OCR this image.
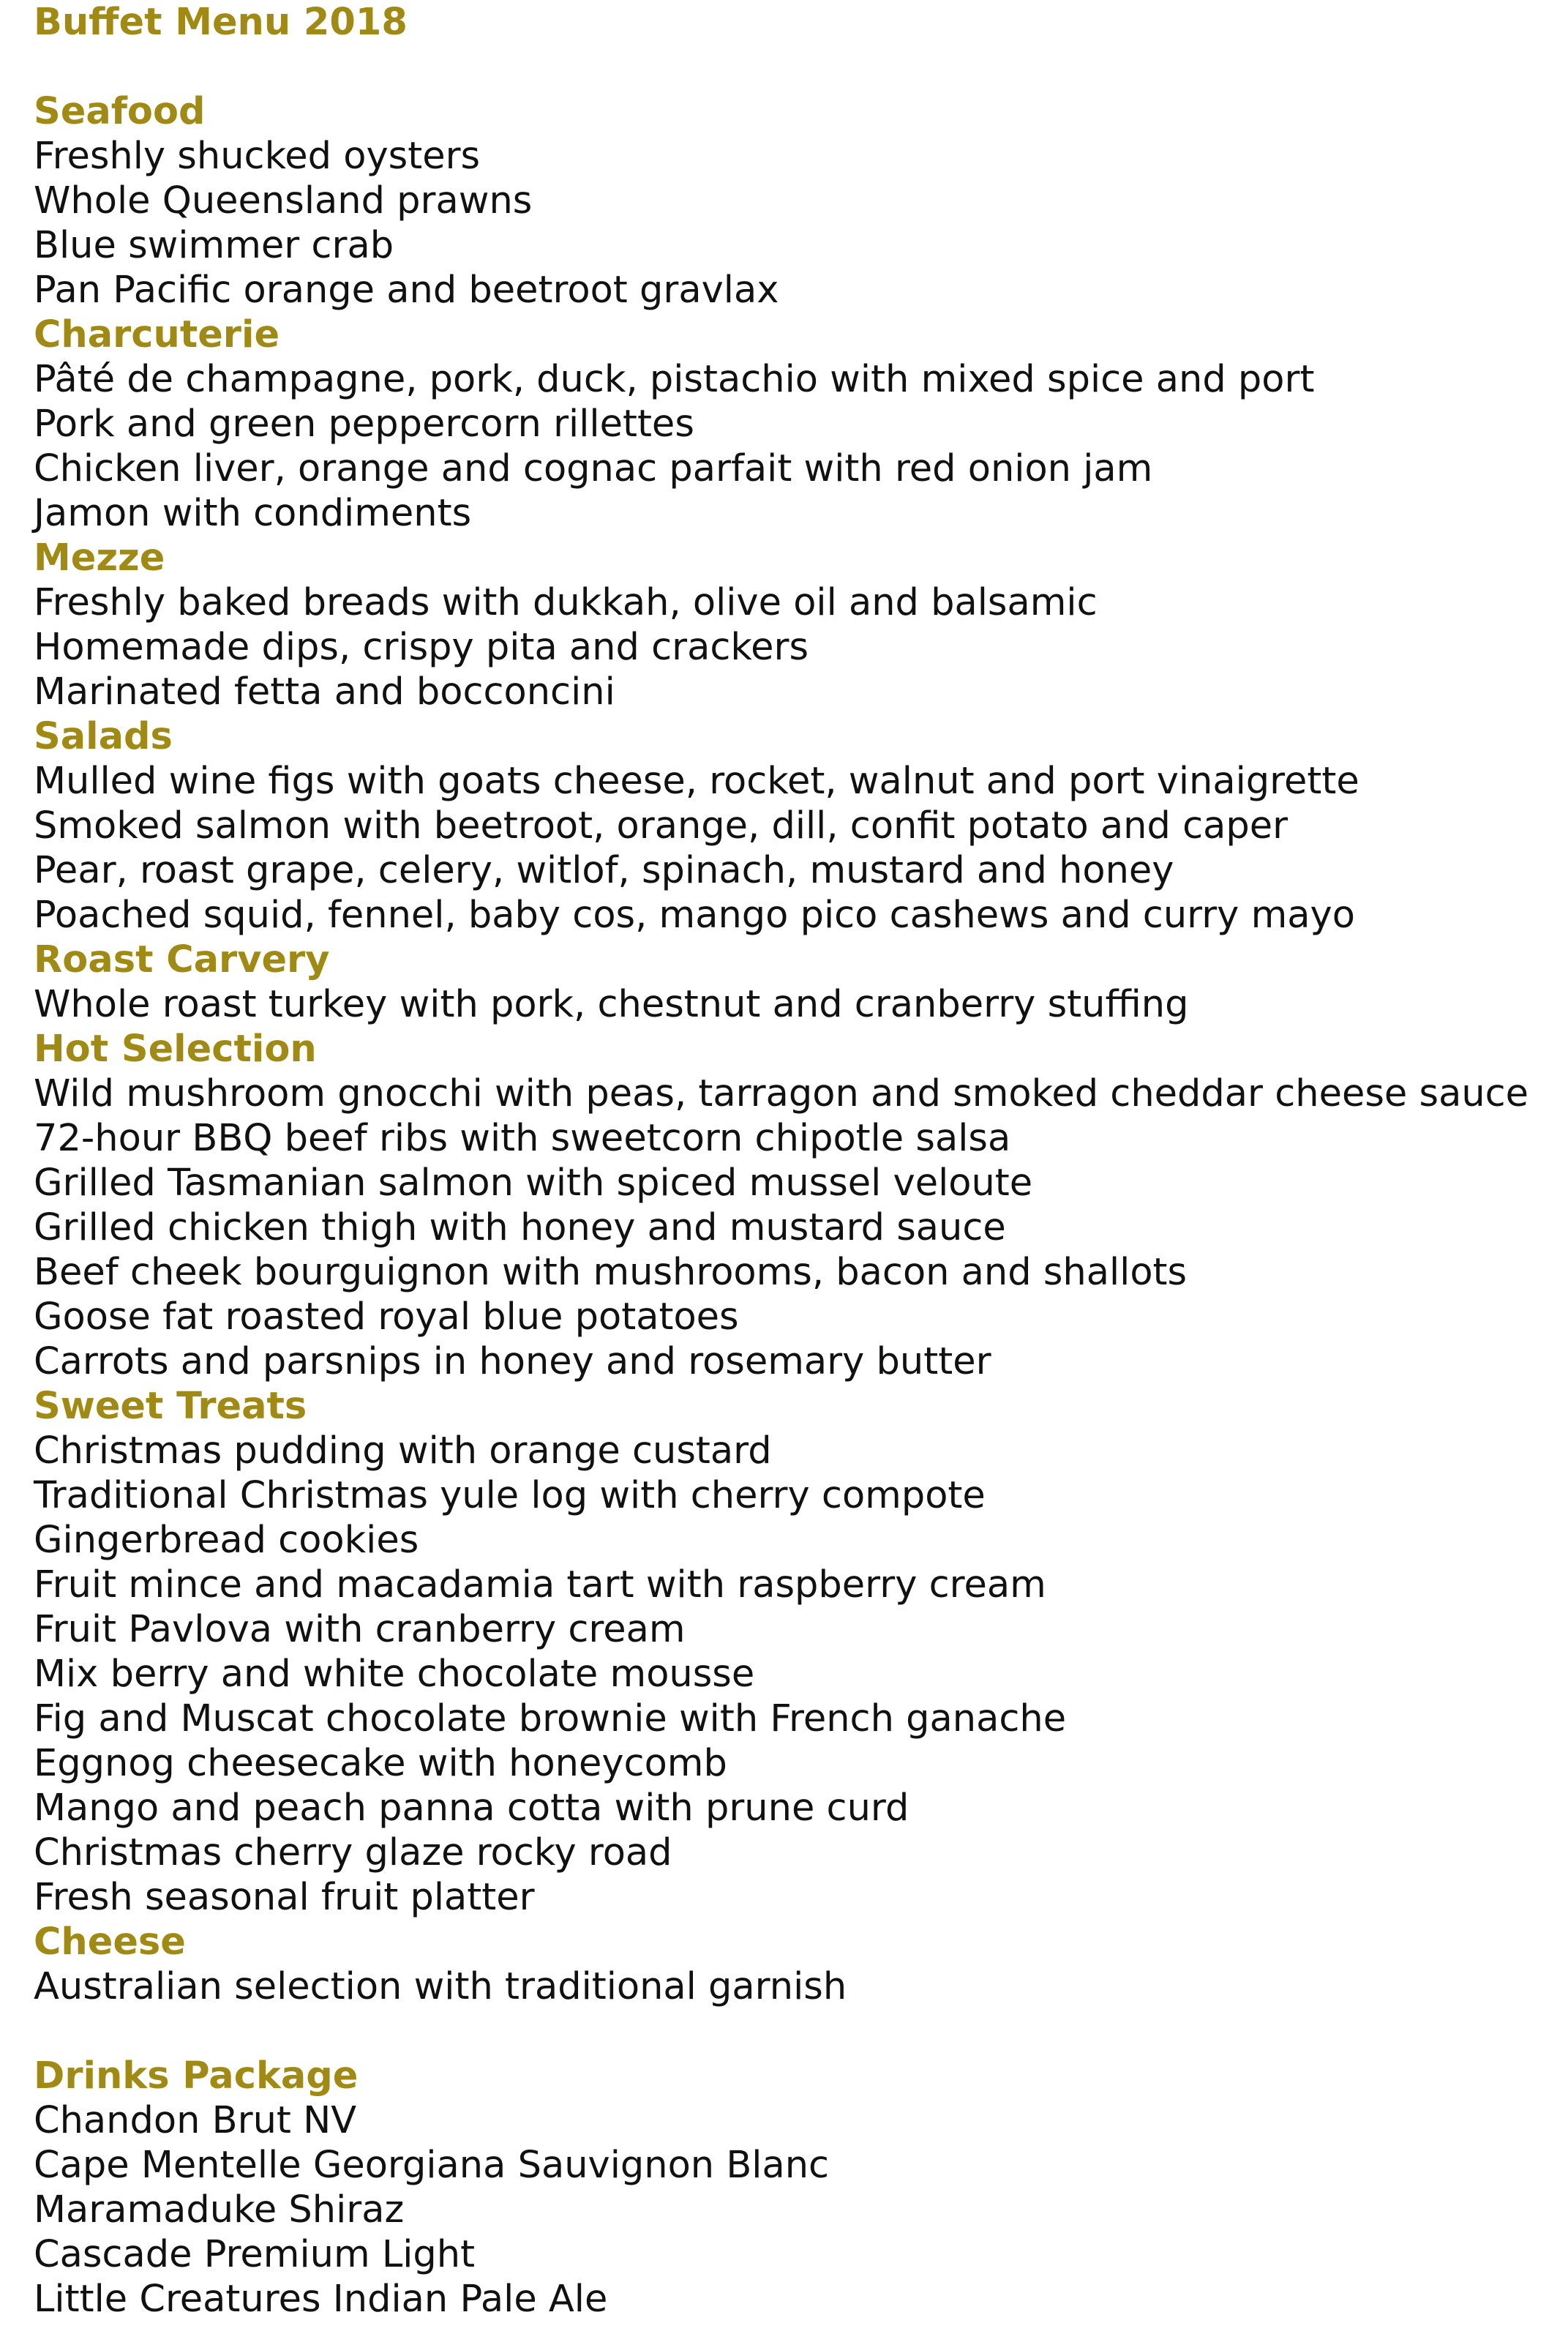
Buffet Menu 2018
Seafood
Freshly shucked oysters
Whole Queensland prawns
Blue swimmer crab
Pan Pacific orange and beetroot gravlax
Charcuterie
Pâté de champagne, pork, duck, pistachio with mixed spice and port
Pork and green peppercorn rillettes
Chicken liver, orange and cognac parfait with red onion jam
Jamon with condiments
Mezze
Freshly baked breads with dukkah, olive oil and balsamic
Homemade dips, crispy pita and crackers
Marinated fetta and bocconcini
Salads
Mulled wine figs with goats cheese, rocket, walnut and port vinaigrette
Smoked salmon with beetroot, orange, dill, confit potato and caper
Pear, roast grape, celery, witlof, spinach, mustard and honey
Poached squid, fennel, baby cos, mango pico cashews and curry mayo
Roast Carvery
Whole roast turkey with pork, chestnut and cranberry stuffing
Hot Selection
Wild mushroom gnocchi with peas, tarragon and smoked cheddar cheese sauce
72-hour BBQ beef ribs with sweetcorn chipotle salsa
Grilled Tasmanian salmon with spiced mussel veloute
Grilled chicken thigh with honey and mustard sauce
Beef cheek bourguignon with mushrooms, bacon and shallots
Goose fat roasted royal blue potatoes
Carrots and parsnips in honey and rosemary butter
Sweet Treats
Christmas pudding with orange custard
Traditional Christmas yule log with cherry compote
Gingerbread cookies
Fruit mince and macadamia tart with raspberry cream
Fruit Pavlova with cranberry cream
Mix berry and white chocolate mousse
Fig and Muscat chocolate brownie with French ganache
Eggnog cheesecake with honeycomb
Mango and peach panna cotta with prune curd
Christmas cherry glaze rocky road
Fresh seasonal fruit platter
Cheese
Australian selection with traditional garnish
Drinks Package
Chandon Brut NV
Cape Mentelle Georgiana Sauvignon Blanc
Maramaduke Shiraz
Cascade Premium Light
Little Creatures Indian Pale Ale
